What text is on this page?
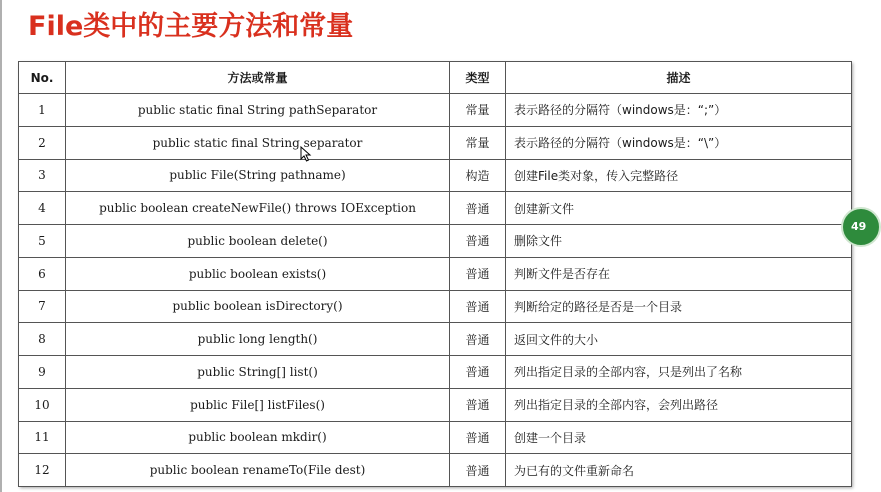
File类中的主要方法和常量
No.	方法或常量	类型	描述
1	public static final String pathSeparator	常量	表示路径的分隔符（windows是：“;”）
2	public static final String separator	常量	表示路径的分隔符（windows是：“\”）
3	public File(String pathname)	构造	创建File类对象，传入完整路径
4	public boolean createNewFile() throws IOException	普通	创建新文件
5	public boolean delete()	普通	删除文件
6	public boolean exists()	普通	判断文件是否存在
7	public boolean isDirectory()	普通	判断给定的路径是否是一个目录
8	public long length()	普通	返回文件的大小
9	public String[] list()	普通	列出指定目录的全部内容，只是列出了名称
10	public File[] listFiles()	普通	列出指定目录的全部内容，会列出路径
11	public boolean mkdir()	普通	创建一个目录
12	public boolean renameTo(File dest)	普通	为已有的文件重新命名
49
